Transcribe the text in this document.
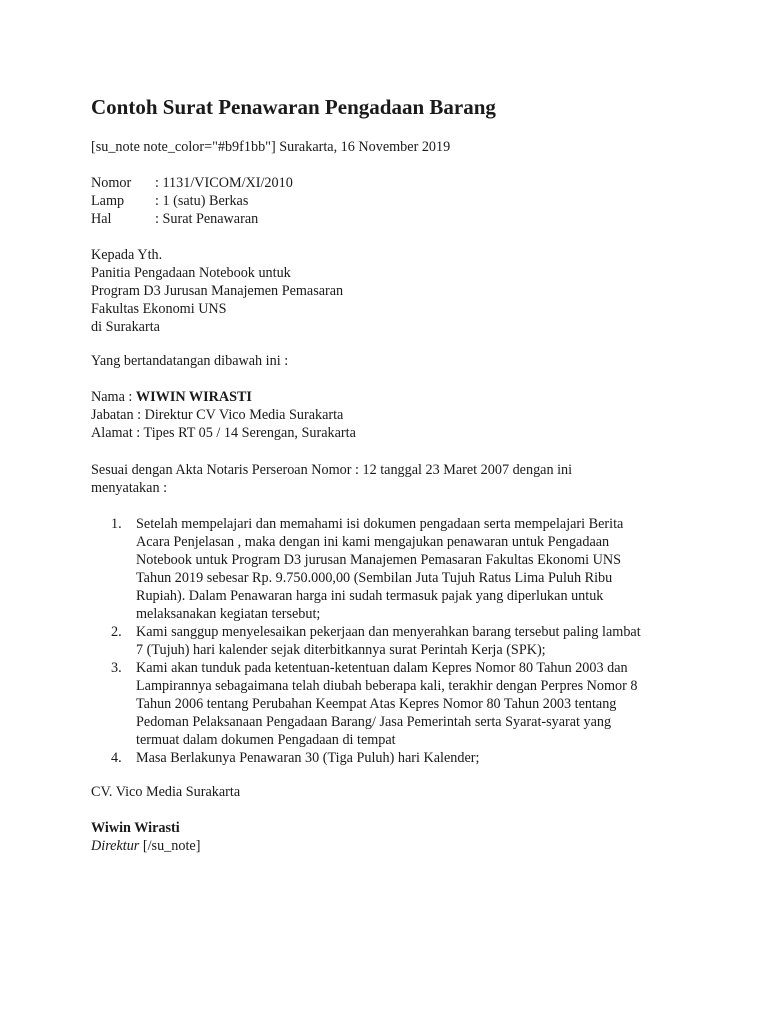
Contoh Surat Penawaran Pengadaan Barang
[su_note note_color="#b9f1bb"] Surakarta, 16 November 2019
Nomor : 1131/VICOM/XI/2010
Lamp : 1 (satu) Berkas
Hal	: Surat Penawaran
Kepada Yth.
Panitia Pengadaan Notebook untuk
Program D3 Jurusan Manajemen Pemasaran
Fakultas Ekonomi UNS
di Surakarta
Yang bertandatangan dibawah ini :
Nama : WIWIN WIRASTI
Jabatan : Direktur CV Vico Media Surakarta
Alamat : Tipes RT 05 / 14 Serengan, Surakarta
Sesuai dengan Akta Notaris Perseroan Nomor : 12 tanggal 23 Maret 2007 dengan ini
menyatakan :
1. Setelah mempelajari dan memahami isi dokumen pengadaan serta mempelajari Berita
Acara Penjelasan , maka dengan ini kami mengajukan penawaran untuk Pengadaan
Notebook untuk Program D3 jurusan Manajemen Pemasaran Fakultas Ekonomi UNS
Tahun 2019 sebesar Rp. 9.750.000,00 (Sembilan Juta Tujuh Ratus Lima Puluh Ribu
Rupiah). Dalam Penawaran harga ini sudah termasuk pajak yang diperlukan untuk
melaksanakan kegiatan tersebut;
2. Kami sanggup menyelesaikan pekerjaan dan menyerahkan barang tersebut paling lambat
7 (Tujuh) hari kalender sejak diterbitkannya surat Perintah Kerja (SPK);
3. Kami akan tunduk pada ketentuan-ketentuan dalam Kepres Nomor 80 Tahun 2003 dan
Lampirannya sebagaimana telah diubah beberapa kali, terakhir dengan Perpres Nomor 8
Tahun 2006 tentang Perubahan Keempat Atas Kepres Nomor 80 Tahun 2003 tentang
Pedoman Pelaksanaan Pengadaan Barang/ Jasa Pemerintah serta Syarat-syarat yang
termuat dalam dokumen Pengadaan di tempat
4. Masa Berlakunya Penawaran 30 (Tiga Puluh) hari Kalender;
CV. Vico Media Surakarta
Wiwin Wirasti
Direktur [/su_note]
